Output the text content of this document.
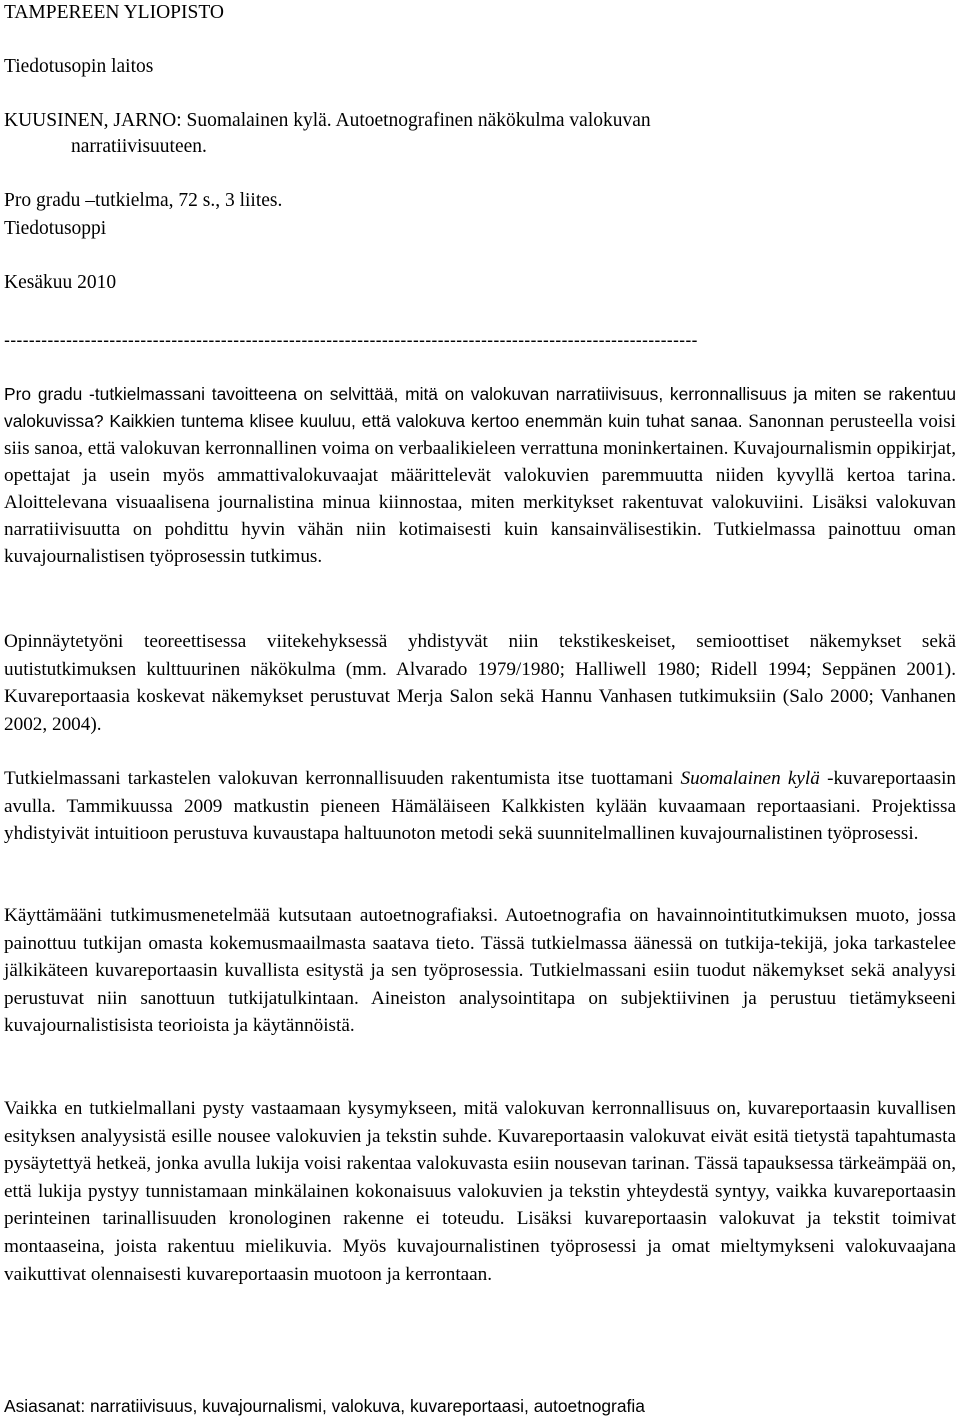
TAMPEREEN YLIOPISTO
Tiedotusopin laitos
KUUSINEN, JARNO: Suomalainen kylä. Autoetnografinen näkökulma valokuvan
narratiivisuuteen.
Pro gradu –tutkielma, 72 s., 3 liites.
Tiedotusoppi
Kesäkuu 2010
----------------------------------------------------------------------------------------------------------------
Pro gradu -tutkielmassani tavoitteena on selvittää, mitä on valokuvan narratiivisuus, kerronnallisuus ja miten se rakentuu valokuvissa? Kaikkien tuntema klisee kuuluu, että valokuva kertoo enemmän kuin tuhat sanaa. Sanonnan perusteella voisi siis sanoa, että valokuvan kerronnallinen voima on verbaalikieleen verrattuna moninkertainen. Kuvajournalismin oppikirjat, opettajat ja usein myös ammattivalokuvaajat määrittelevät valokuvien paremmuutta niiden kyvyllä kertoa tarina. Aloittelevana visuaalisena journalistina minua kiinnostaa, miten merkitykset rakentuvat valokuviini. Lisäksi valokuvan narratiivisuutta on pohdittu hyvin vähän niin kotimaisesti kuin kansainvälisestikin. Tutkielmassa painottuu oman kuvajournalistisen työprosessin tutkimus.
Opinnäytetyöni teoreettisessa viitekehyksessä yhdistyvät niin tekstikeskeiset, semioottiset näkemykset sekä uutistutkimuksen kulttuurinen näkökulma (mm. Alvarado 1979/1980; Halliwell 1980; Ridell 1994; Seppänen 2001). Kuvareportaasia koskevat näkemykset perustuvat Merja Salon sekä Hannu Vanhasen tutkimuksiin (Salo 2000; Vanhanen 2002, 2004).
Tutkielmassani tarkastelen valokuvan kerronnallisuuden rakentumista itse tuottamani Suomalainen kylä -kuvareportaasin avulla. Tammikuussa 2009 matkustin pieneen Hämäläiseen Kalkkisten kylään kuvaamaan reportaasiani. Projektissa yhdistyivät intuitioon perustuva kuvaustapa haltuunoton metodi sekä suunnitelmallinen kuvajournalistinen työprosessi.
Käyttämääni tutkimusmenetelmää kutsutaan autoetnografiaksi. Autoetnografia on havainnointitutkimuksen muoto, jossa painottuu tutkijan omasta kokemusmaailmasta saatava tieto. Tässä tutkielmassa äänessä on tutkija-tekijä, joka tarkastelee jälkikäteen kuvareportaasin kuvallista esitystä ja sen työprosessia. Tutkielmassani esiin tuodut näkemykset sekä analyysi perustuvat niin sanottuun tutkijatulkintaan. Aineiston analysointitapa on subjektiivinen ja perustuu tietämykseeni kuvajournalistisista teorioista ja käytännöistä.
Vaikka en tutkielmallani pysty vastaamaan kysymykseen, mitä valokuvan kerronnallisuus on, kuvareportaasin kuvallisen esityksen analyysistä esille nousee valokuvien ja tekstin suhde. Kuvareportaasin valokuvat eivät esitä tietystä tapahtumasta pysäytettyä hetkeä, jonka avulla lukija voisi rakentaa valokuvasta esiin nousevan tarinan. Tässä tapauksessa tärkeämpää on, että lukija pystyy tunnistamaan minkälainen kokonaisuus valokuvien ja tekstin yhteydestä syntyy, vaikka kuvareportaasin perinteinen tarinallisuuden kronologinen rakenne ei toteudu. Lisäksi kuvareportaasin valokuvat ja tekstit toimivat montaaseina, joista rakentuu mielikuvia. Myös kuvajournalistinen työprosessi ja omat mieltymykseni valokuvaajana vaikuttivat olennaisesti kuvareportaasin muotoon ja kerrontaan.
Asiasanat: narratiivisuus, kuvajournalismi, valokuva, kuvareportaasi, autoetnografia
